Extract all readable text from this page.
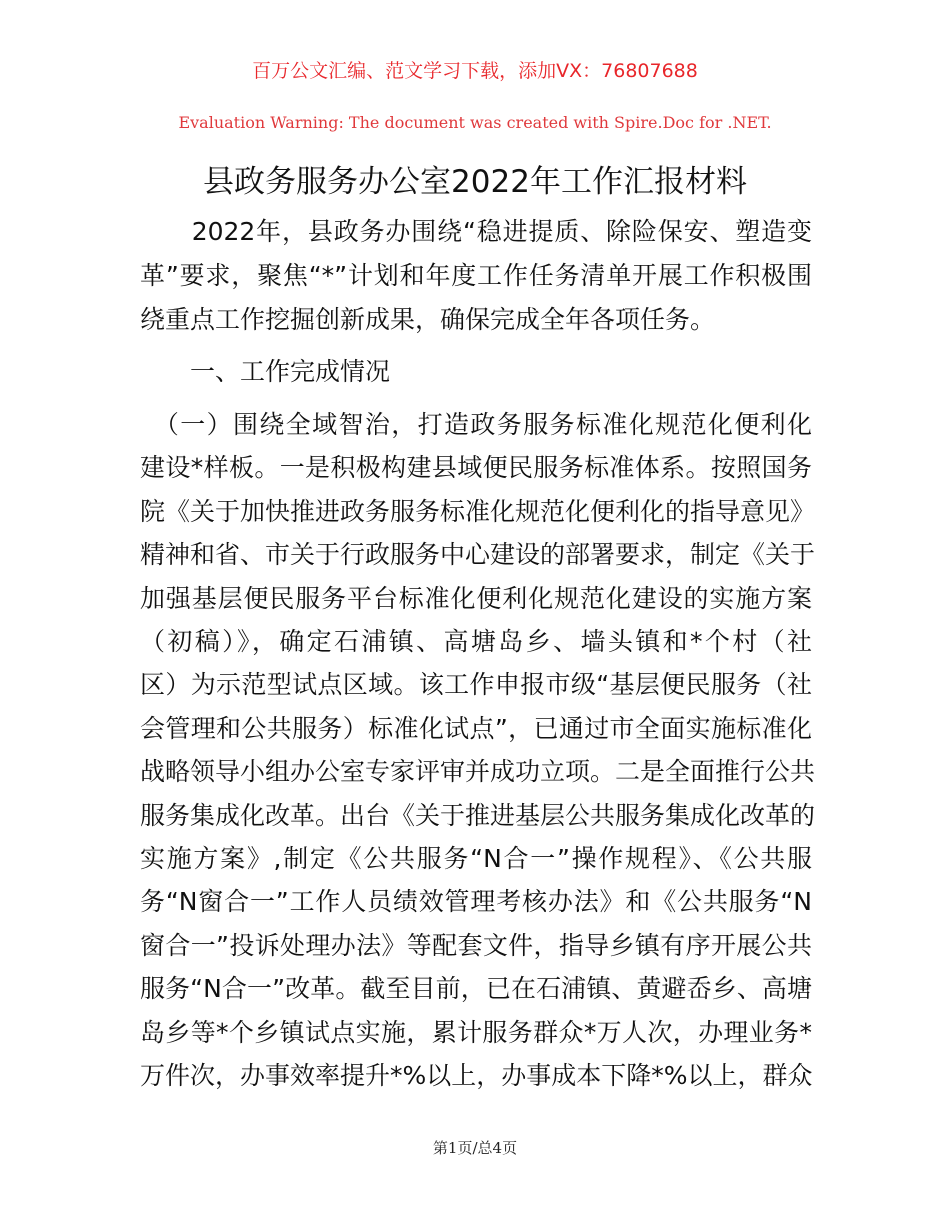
百万公文汇编、范文学习下载，添加VX：76807688
Evaluation Warning: The document was created with Spire.Doc for .NET.
县政务服务办公室2022年工作汇报材料
　　2022年，县政务办围绕“稳进提质、除险保安、塑造变
革”要求，聚焦“*”计划和年度工作任务清单开展工作积极围
绕重点工作挖掘创新成果，确保完成全年各项任务。
　　一、工作完成情况
　（一）围绕全域智治，打造政务服务标准化规范化便利化
建设*样板。一是积极构建县域便民服务标准体系。按照国务
院《关于加快推进政务服务标准化规范化便利化的指导意见》
精神和省、市关于行政服务中心建设的部署要求，制定《关于
加强基层便民服务平台标准化便利化规范化建设的实施方案
（初稿）》，确定石浦镇、高塘岛乡、墙头镇和*个村（社
区）为示范型试点区域。该工作申报市级“基层便民服务（社
会管理和公共服务）标准化试点”，已通过市全面实施标准化
战略领导小组办公室专家评审并成功立项。二是全面推行公共
服务集成化改革。出台《关于推进基层公共服务集成化改革的
实施方案》,制定《公共服务“N合一”操作规程》、《公共服
务“N窗合一”工作人员绩效管理考核办法》和《公共服务“N
窗合一”投诉处理办法》等配套文件，指导乡镇有序开展公共
服务“N合一”改革。截至目前，已在石浦镇、黄避岙乡、高塘
岛乡等*个乡镇试点实施，累计服务群众*万人次，办理业务*
万件次，办事效率提升*%以上，办事成本下降*%以上，群众
第1页/总4页
